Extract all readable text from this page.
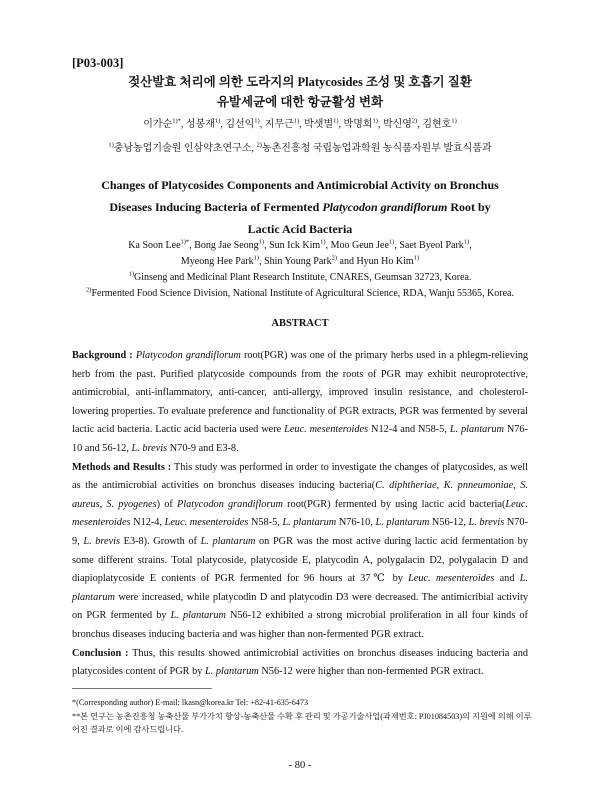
[P03-003]
젖산발효 처리에 의한 도라지의 Platycosides 조성 및 호흡기 질환
유발세균에 대한 항균활성 변화
이가순$^{1)*}$, 성봉재$^{1)}$, 김선익$^{1)}$, 지무근$^{1)}$, 박샛별$^{1)}$, 박명희$^{1)}$, 박신영$^{2)}$, 김현호$^{1)}$
$^{1)}$충남농업기술원 인삼약초연구소, $^{2)}$농촌진흥청 국립농업과학원 농식품자원부 발효식품과
Changes of Platycosides Components and Antimicrobial Activity on Bronchus
Diseases Inducing Bacteria of Fermented Platycodon grandiflorum Root by
Lactic Acid Bacteria
Ka Soon Lee$^{1)*}$, Bong Jae Seong$^{1)}$, Sun Ick Kim$^{1)}$, Moo Geun Jee$^{1)}$, Saet Byeol Park$^{1)}$,
Myeong Hee Park$^{1)}$, Shin Young Park$^{2)}$ and Hyun Ho Kim$^{1)}$
$^{1)}$Ginseng and Medicinal Plant Research Institute, CNARES, Geumsan 32723, Korea.
$^{2)}$Fermented Food Science Division, National Institute of Agricultural Science, RDA, Wanju 55365, Korea.
ABSTRACT

Background : Platycodon grandiflorum root(PGR) was one of the primary herbs used in a phlegm-relieving herb from the past. Purified platycoside compounds from the roots of PGR may exhibit neuroprotective, antimicrobial, anti-inflammatory, anti-cancer, anti-allergy, improved insulin resistance, and cholesterol-lowering properties. To evaluate preference and functionality of PGR extracts, PGR was fermented by several lactic acid bacteria. Lactic acid bacteria used were Leuc. mesenteroides N12-4 and N58-5, L. plantarum N76-10 and 56-12, L. brevis N70-9 and E3-8.

Methods and Results : This study was performed in order to investigate the changes of platycosides, as well as the antimicrobial activities on bronchus diseases inducing bacteria(C. diphtheriae, K. pnneumoniae, S. aureus, S. pyogenes) of Platycodon grandiflorum root(PGR) fermented by using lactic acid bacteria(Leuc. mesenteroides N12-4, Leuc. mesenteroides N58-5, L. plantarum N76-10, L. plantarum N56-12, L. brevis N70-9, L. brevis E3-8). Growth of L. plantarum on PGR was the most active during lactic acid fermentation by some different strains. Total platycoside, platycoside E, platycodin A, polygalacin D2, polygalacin D and diapioplatycoside E contents of PGR fermented for 96 hours at 37℃ by Leuc. mesenteroides and L. plantarum were increased, while platycodin D and platycodin D3 were decreased. The antimicribial activity on PGR fermented by L. plantarum N56-12 exhibited a strong microbial proliferation in all four kinds of bronchus diseases inducing bacteria and was higher than non-fermented PGR extract.

Conclusion : Thus, this results showed antimicrobial activities on bronchus diseases inducing bacteria and platycosides content of PGR by L. plantarum N56-12 were higher than non-fermented PGR extract.

*(Corresponding author) E-mail: lkasn@korea.kr Tel: +82-41-635-6473
**본 연구는 농촌진흥청 농축산물 부가가치 향상-농축산물 수확 후 관리 및 가공기술사업(과제번호: PJ01084503)의 지원에 의해 이루어진 결과로 이에 감사드립니다.
- 80 -
